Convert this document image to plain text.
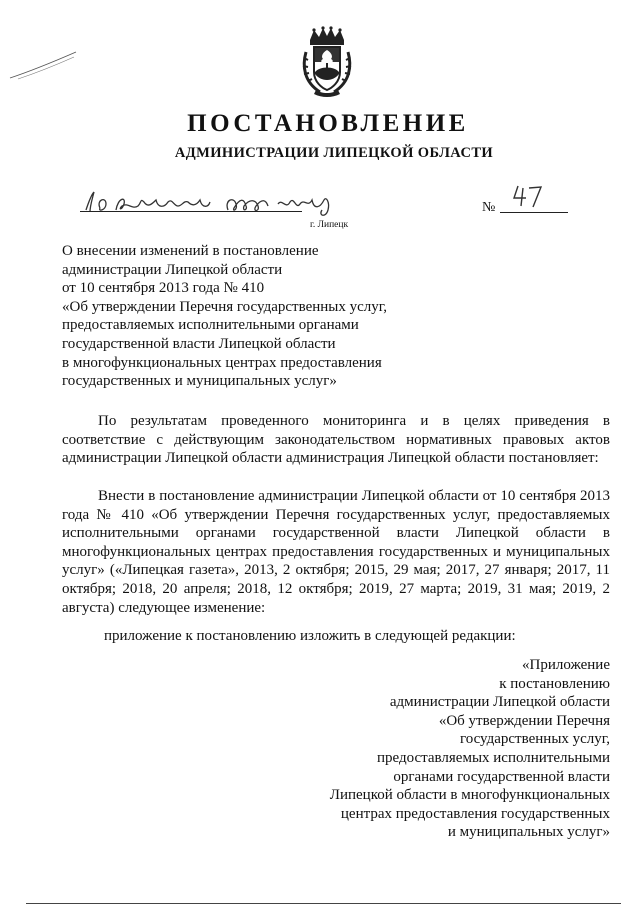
ПОСТАНОВЛЕНИЕ
АДМИНИСТРАЦИИ ЛИПЕЦКОЙ ОБЛАСТИ
г. Липецк
№
О внесении изменений в постановление
администрации Липецкой области
от 10 сентября 2013 года № 410
«Об утверждении Перечня государственных услуг,
предоставляемых исполнительными органами
государственной власти Липецкой области
в многофункциональных центрах предоставления
государственных и муниципальных услуг»

По результатам проведенного мониторинга и в целях приведения в соответствие с действующим законодательством нормативных правовых актов администрации Липецкой области администрация Липецкой области постановляет:

Внести в постановление администрации Липецкой области от 10 сентября 2013 года № 410 «Об утверждении Перечня государственных услуг, предоставляемых исполнительными органами государственной власти Липецкой области в многофункциональных центрах предоставления государственных и муниципальных услуг» («Липецкая газета», 2013, 2 октября; 2015, 29 мая; 2017, 27 января; 2017, 11 октября; 2018, 20 апреля; 2018, 12 октября; 2019, 27 марта; 2019, 31 мая; 2019, 2 августа) следующее изменение:

приложение к постановлению изложить в следующей редакции:

«Приложение
к постановлению
администрации Липецкой области
«Об утверждении Перечня
государственных услуг,
предоставляемых исполнительными
органами государственной власти
Липецкой области в многофункциональных
центрах предоставления государственных
и муниципальных услуг»
